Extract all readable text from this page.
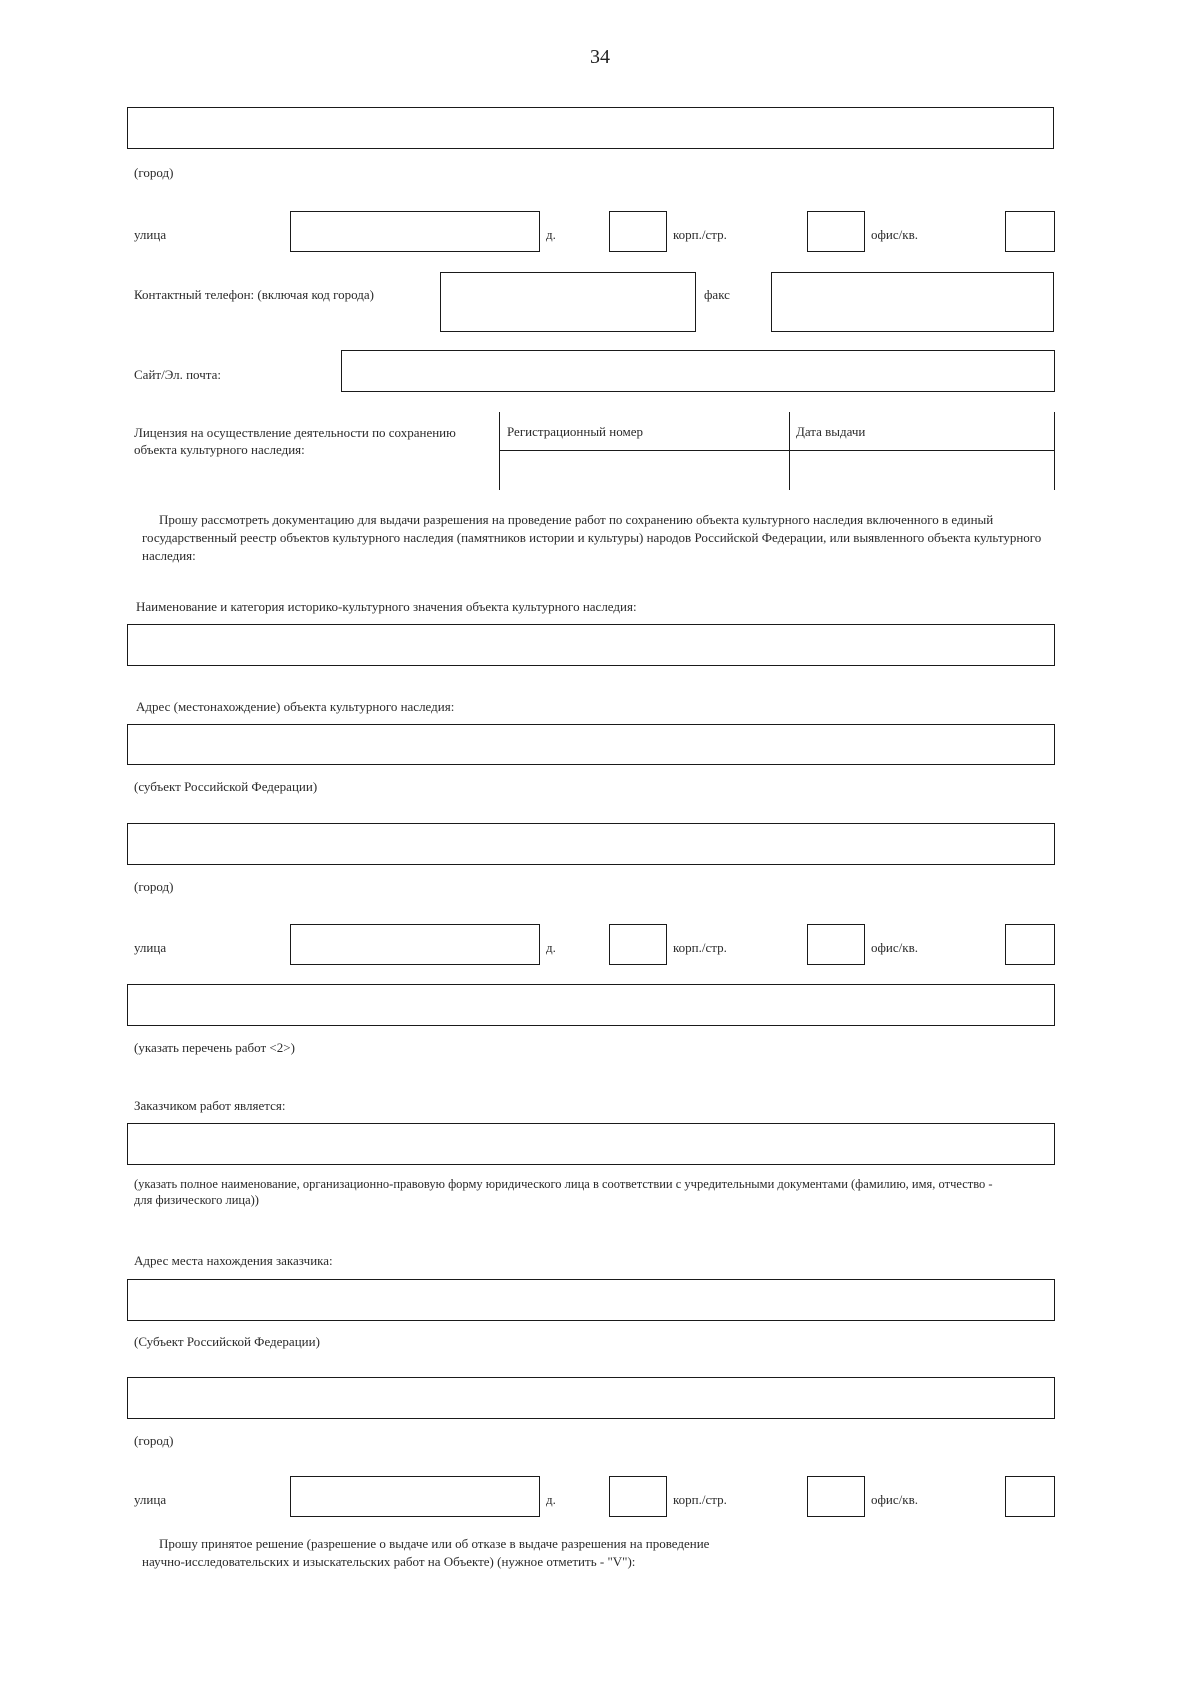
34
(город)
улица	д.	корп./стр.	офис/кв.
Контактный телефон: (включая код города)	факс
Сайт/Эл. почта:
Лицензия на осуществление деятельности по сохранению объекта культурного наследия:
Регистрационный номер	Дата выдачи
Прошу рассмотреть документацию для выдачи разрешения на проведение работ по сохранению объекта культурного наследия включенного в единый государственный реестр объектов культурного наследия (памятников истории и культуры) народов Российской Федерации, или выявленного объекта культурного наследия:
Наименование и категория историко-культурного значения объекта культурного наследия:
Адрес (местонахождение) объекта культурного наследия:
(субъект Российской Федерации)
(город)
улица	д.	корп./стр.	офис/кв.
(указать перечень работ <2>)
Заказчиком работ является:
(указать полное наименование, организационно-правовую форму юридического лица в соответствии с учредительными документами (фамилию, имя, отчество - для физического лица))
Адрес места нахождения заказчика:
(Субъект Российской Федерации)
(город)
улица	д.	корп./стр.	офис/кв.
Прошу принятое решение (разрешение о выдаче или об отказе в выдаче разрешения на проведение научно-исследовательских и изыскательских работ на Объекте) (нужное отметить - "V"):
